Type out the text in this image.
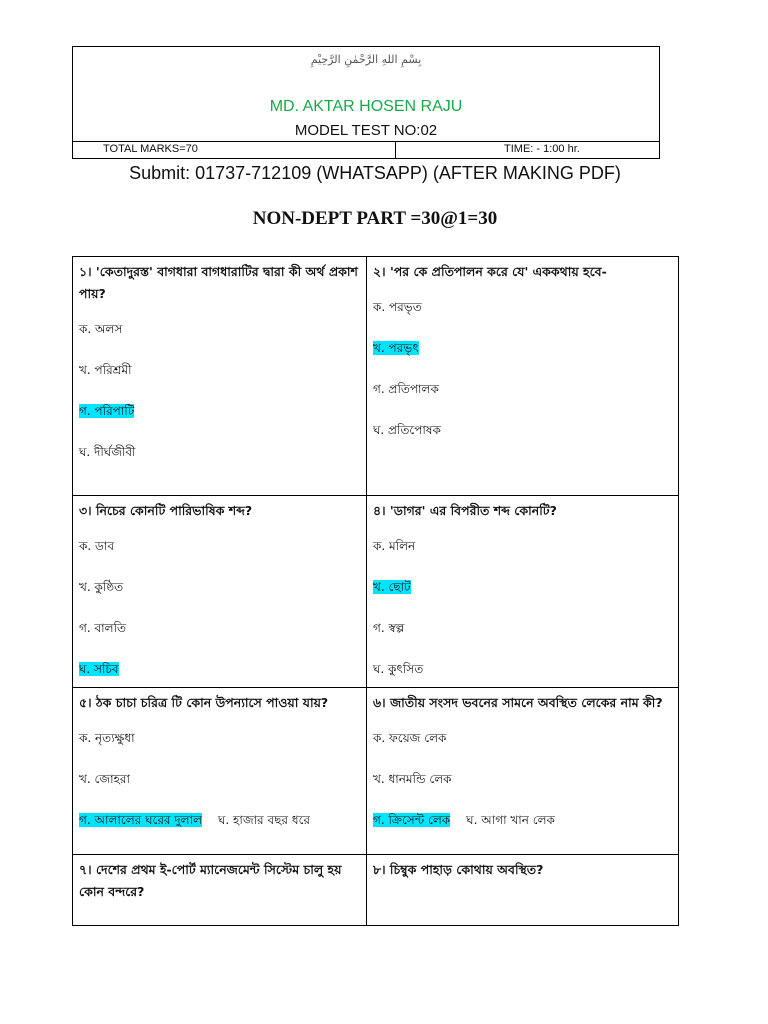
بِسْمِ اللهِ الرَّحْمٰنِ الرَّحِيْمِ
MD. AKTAR HOSEN RAJU
MODEL TEST NO:02
TOTAL MARKS=70	TIME: - 1:00 hr.
Submit: 01737-712109 (WHATSAPP) (AFTER MAKING PDF)
NON-DEPT PART =30@1=30
১। 'কেতাদুরস্ত' বাগধারা বাগধারাটির দ্বারা কী অর্থ প্রকাশ পায়?
ক. অলস
খ. পরিশ্রমী
গ. পরিপাটি
ঘ. দীর্ঘজীবী
২। 'পর কে প্রতিপালন করে যে' এককথায় হবে-
ক. পরভৃত
খ. পরভৃৎ
গ. প্রতিপালক
ঘ. প্রতিপোষক
৩। নিচের কোনটি পারিভাষিক শব্দ?
ক. ডাব
খ. কুষ্ঠিত
গ. বালতি
ঘ. সচিব
৪। 'ডাগর' এর বিপরীত শব্দ কোনটি?
ক. মলিন
খ. ছোট
গ. স্বল্প
ঘ. কুৎসিত
৫। ঠক চাচা চরিত্র টি কোন উপন্যাসে পাওয়া যায়?
ক. নৃত্যক্ষুধা
খ. জোহরা
গ. আলালের ঘরের দুলাল ঘ. হাজার বছর ধরে
৬। জাতীয় সংসদ ভবনের সামনে অবস্থিত লেকের নাম কী?
ক. ফয়েজ লেক
খ. ধানমন্ডি লেক
গ. ক্রিসেন্ট লেক ঘ. আগা খান লেক
৭। দেশের প্রথম ই-পোর্ট ম্যানেজমেন্ট সিস্টেম চালু হয় কোন বন্দরে?
৮। চিম্বুক পাহাড় কোথায় অবস্থিত?
